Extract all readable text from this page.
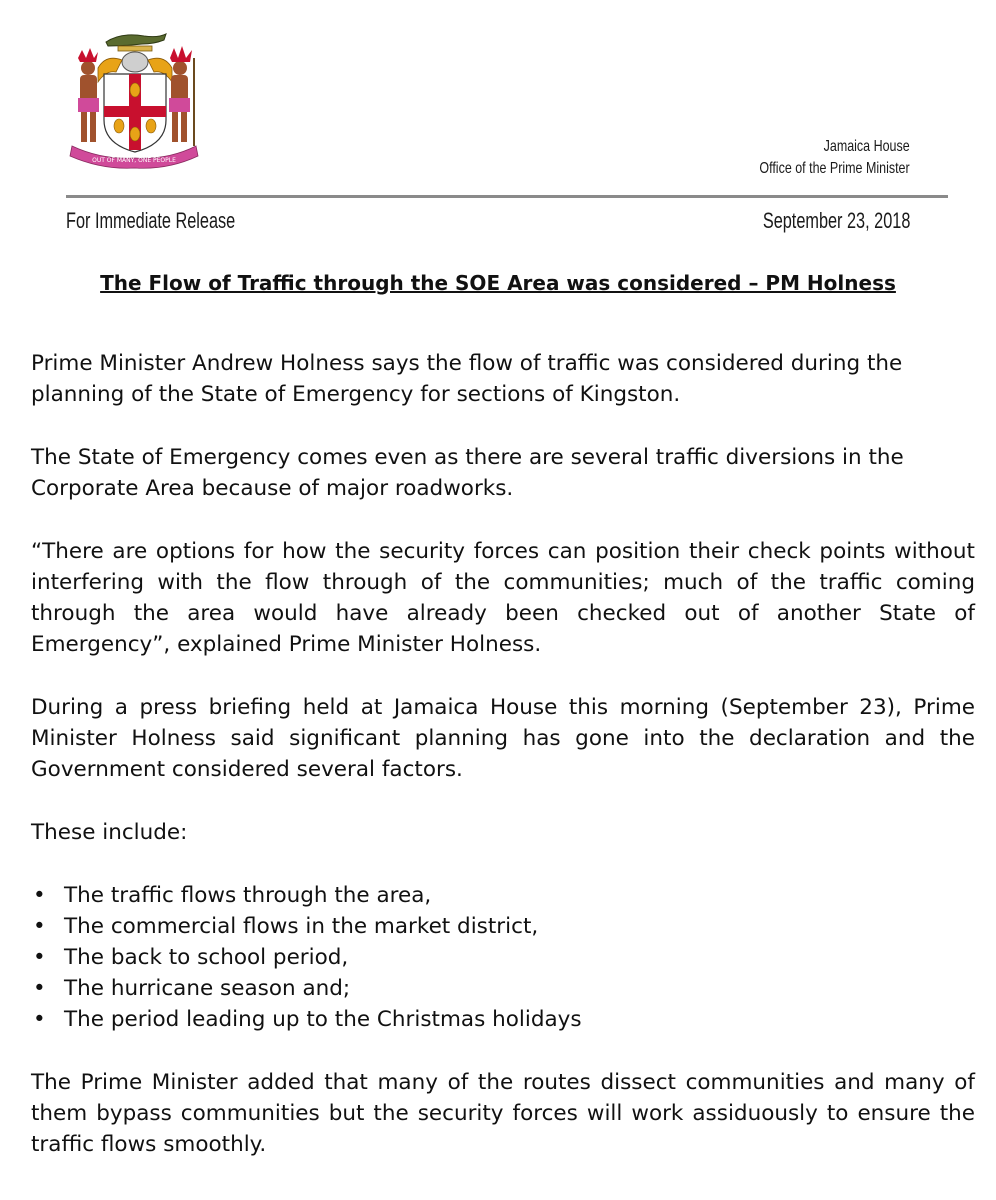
OUT OF MANY, ONE PEOPLE
Jamaica House
Office of the Prime Minister
For Immediate Release	September 23, 2018
The Flow of Traffic through the SOE Area was considered – PM Holness

Prime Minister Andrew Holness says the flow of traffic was considered during the planning of the State of Emergency for sections of Kingston.

The State of Emergency comes even as there are several traffic diversions in the Corporate Area because of major roadworks.

“There are options for how the security forces can position their check points without interfering with the flow through of the communities; much of the traffic coming through the area would have already been checked out of another State of Emergency”, explained Prime Minister Holness.

During a press briefing held at Jamaica House this morning (September 23), Prime Minister Holness said significant planning has gone into the declaration and the Government considered several factors.

These include:

• The traffic flows through the area,
• The commercial flows in the market district,
• The back to school period,
• The hurricane season and;
• The period leading up to the Christmas holidays

The Prime Minister added that many of the routes dissect communities and many of them bypass communities but the security forces will work assiduously to ensure the traffic flows smoothly.
